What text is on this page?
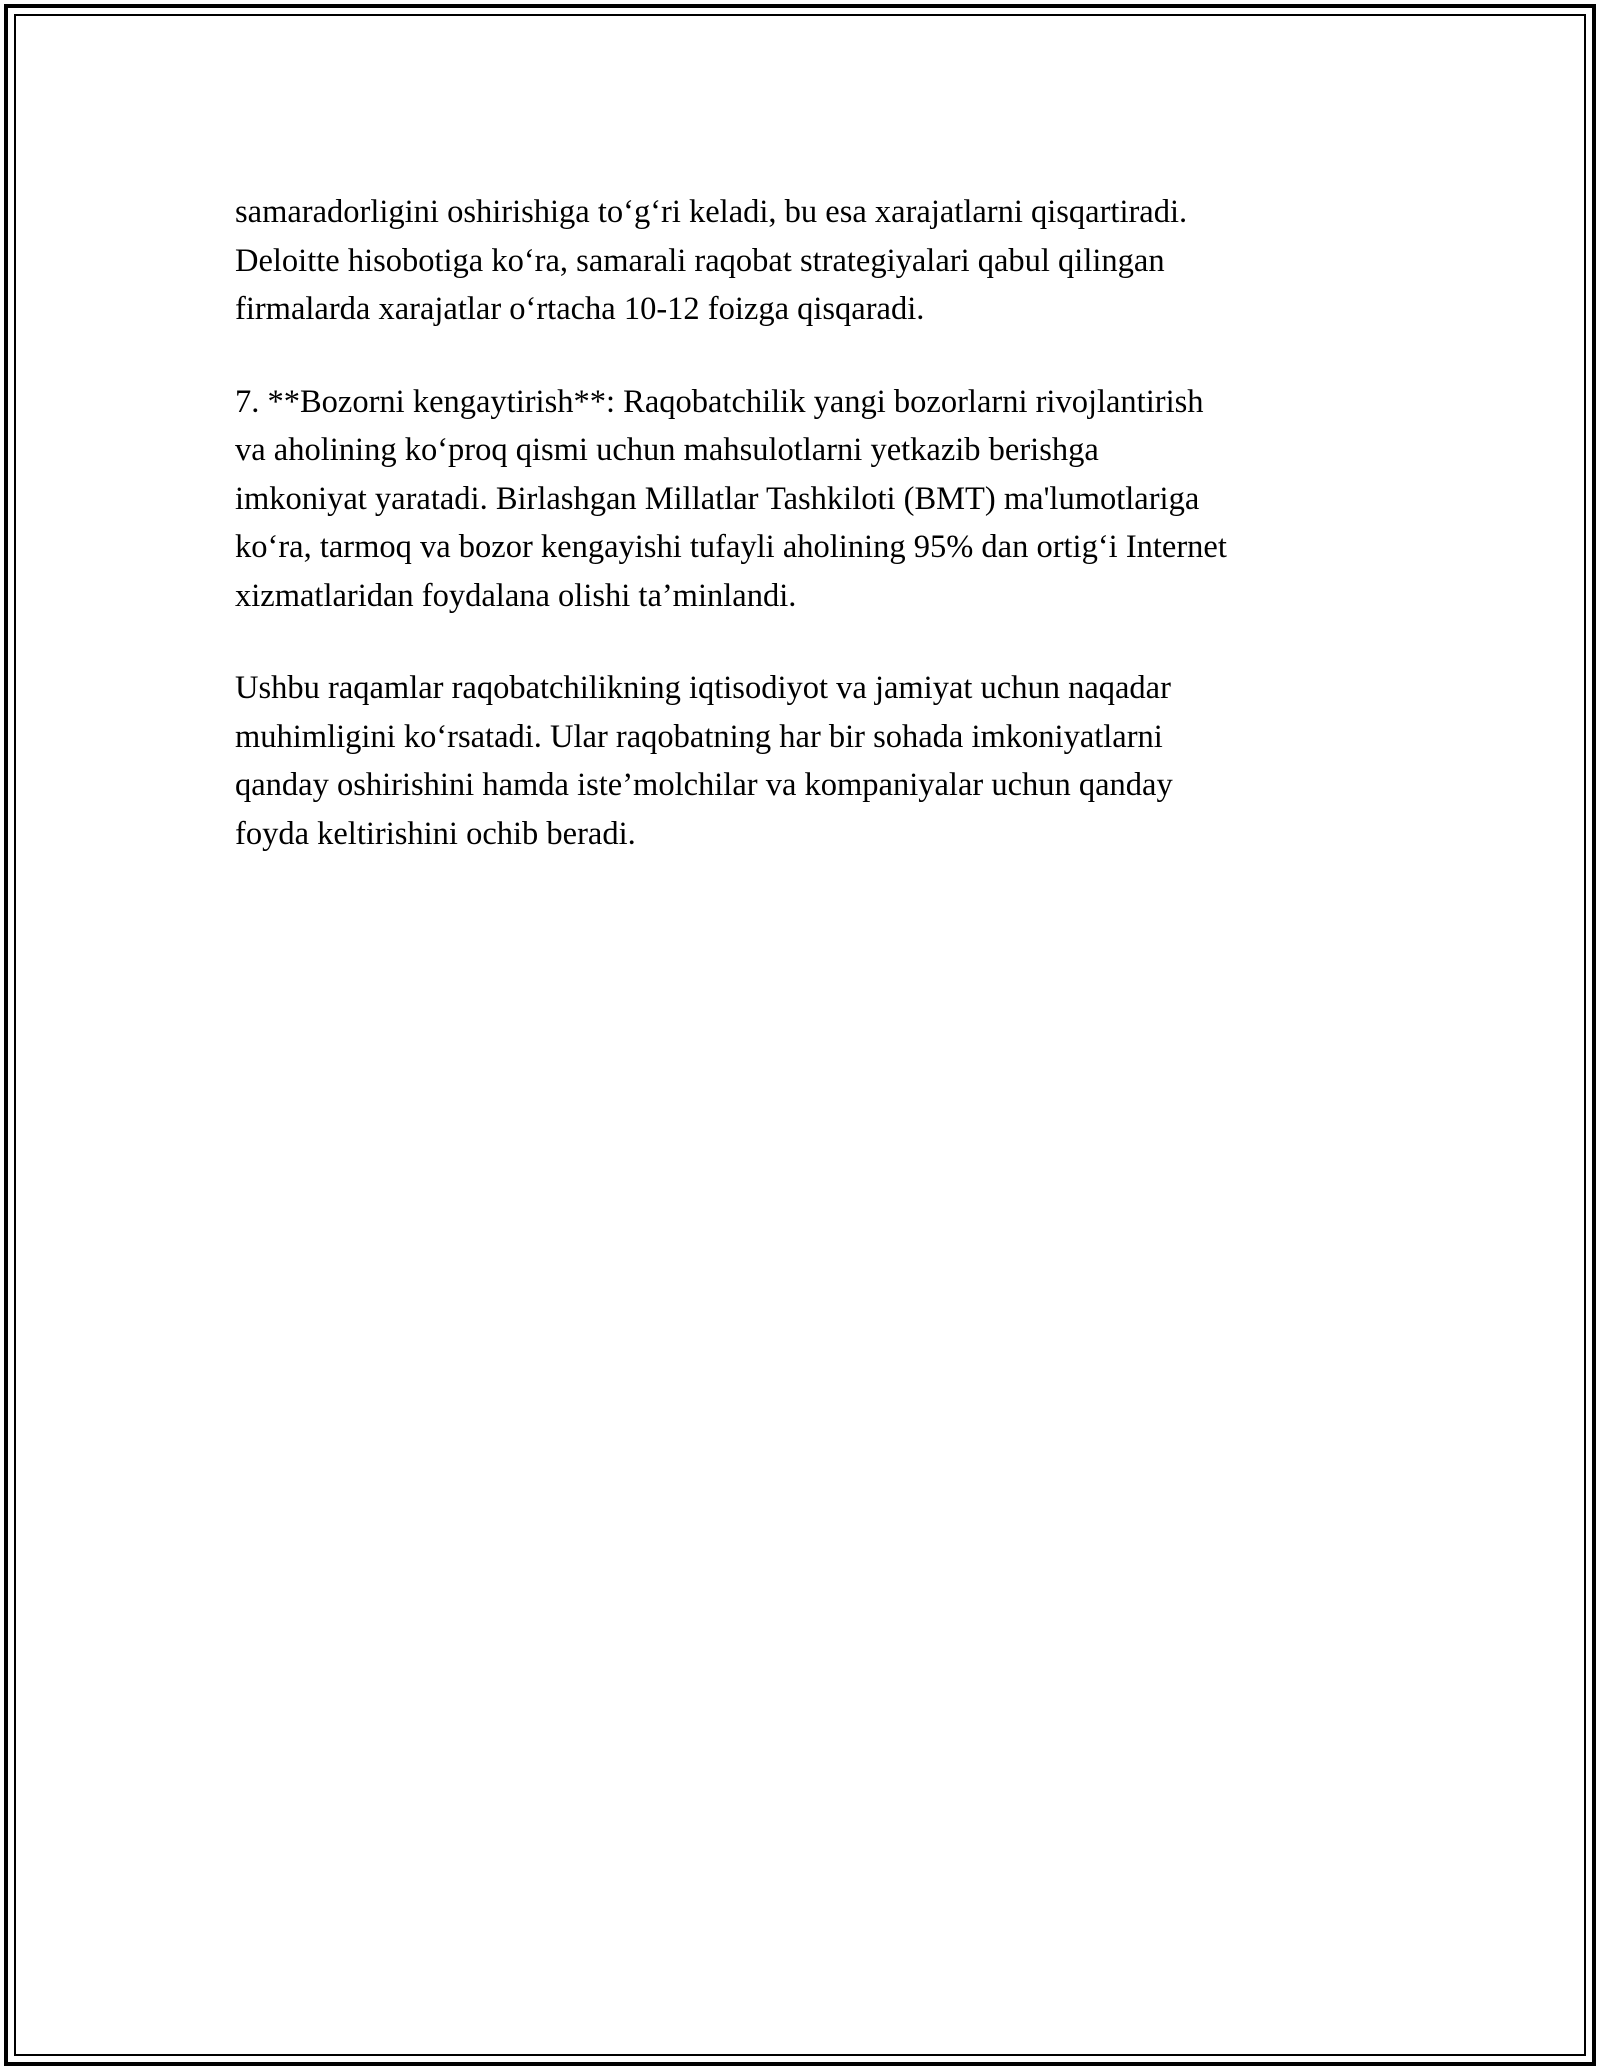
samaradorligini oshirishiga to‘g‘ri keladi, bu esa xarajatlarni qisqartiradi.
Deloitte hisobotiga ko‘ra, samarali raqobat strategiyalari qabul qilingan
firmalarda xarajatlar o‘rtacha 10-12 foizga qisqaradi.

7. **Bozorni kengaytirish**: Raqobatchilik yangi bozorlarni rivojlantirish
va aholining ko‘proq qismi uchun mahsulotlarni yetkazib berishga
imkoniyat yaratadi. Birlashgan Millatlar Tashkiloti (BMT) ma'lumotlariga
ko‘ra, tarmoq va bozor kengayishi tufayli aholining 95% dan ortig‘i Internet
xizmatlaridan foydalana olishi ta’minlandi.

Ushbu raqamlar raqobatchilikning iqtisodiyot va jamiyat uchun naqadar
muhimligini ko‘rsatadi. Ular raqobatning har bir sohada imkoniyatlarni
qanday oshirishini hamda iste’molchilar va kompaniyalar uchun qanday
foyda keltirishini ochib beradi.
